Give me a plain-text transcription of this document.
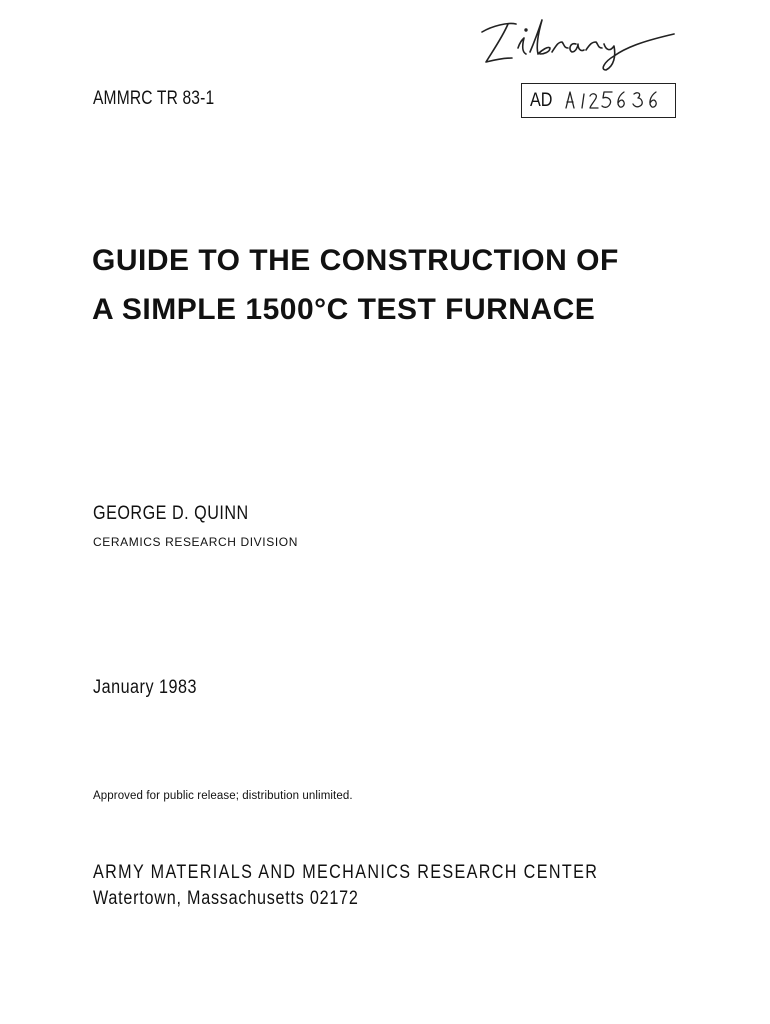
AMMRC TR 83-1	AD
GUIDE TO THE CONSTRUCTION OF
A SIMPLE 1500°C TEST FURNACE
GEORGE D. QUINN
CERAMICS RESEARCH DIVISION
January 1983
Approved for public release; distribution unlimited.
ARMY MATERIALS AND MECHANICS RESEARCH CENTER
Watertown, Massachusetts 02172
